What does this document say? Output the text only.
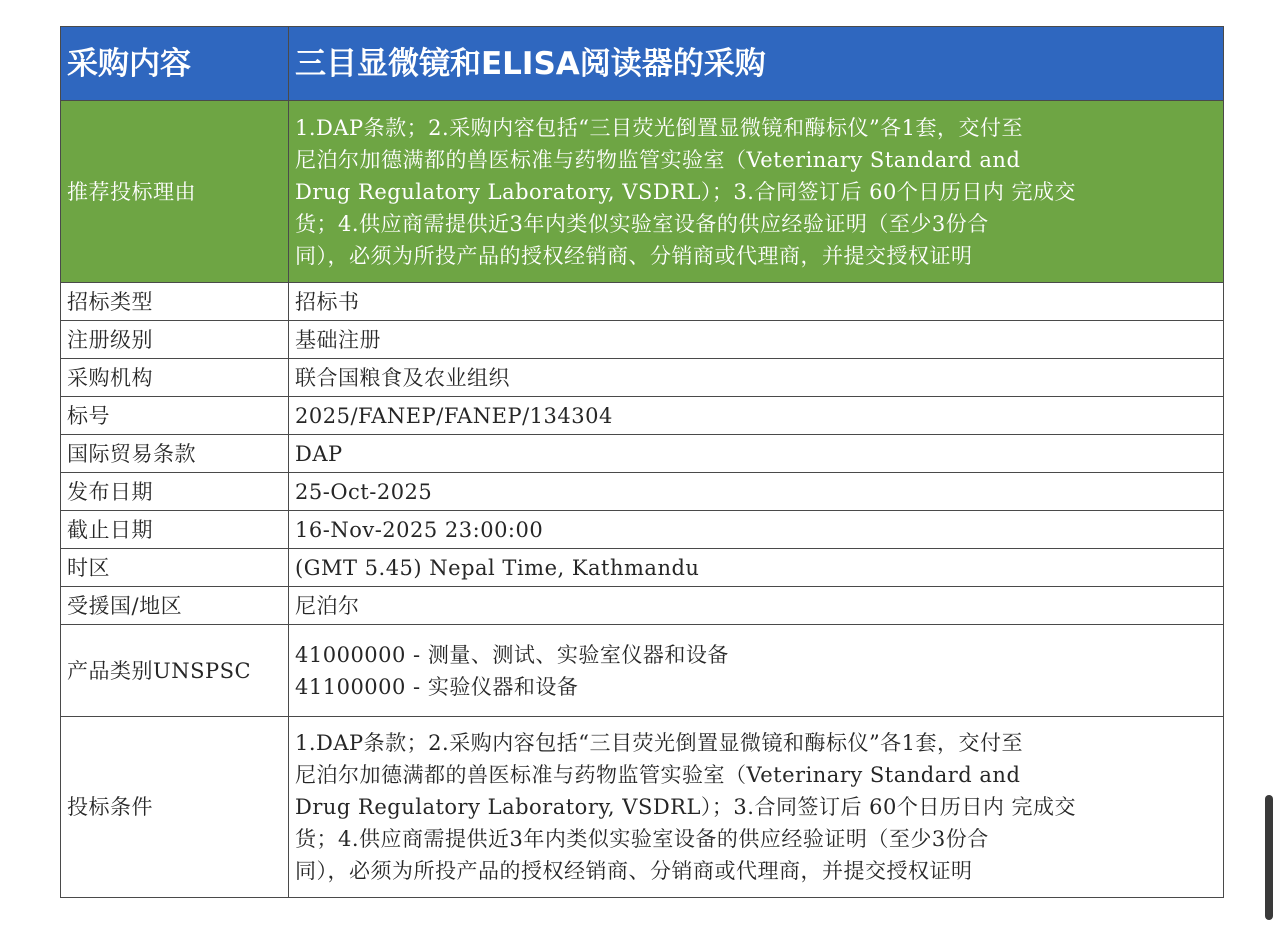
采购内容	三目显微镜和ELISA阅读器的采购
推荐投标理由	1.DAP条款；2.采购内容包括“三目荧光倒置显微镜和酶标仪”各1套，交付至
尼泊尔加德满都的兽医标准与药物监管实验室（Veterinary Standard and
Drug Regulatory Laboratory, VSDRL）；3.合同签订后 60个日历日内 完成交
货；4.供应商需提供近3年内类似实验室设备的供应经验证明（至少3份合
同），必须为所投产品的授权经销商、分销商或代理商，并提交授权证明

招标类型	招标书
注册级别	基础注册
采购机构	联合国粮食及农业组织
标号	2025/FANEP/FANEP/134304
国际贸易条款	DAP
发布日期	25-Oct-2025
截止日期	16-Nov-2025 23:00:00
时区	(GMT 5.45) Nepal Time, Kathmandu
受援国/地区	尼泊尔
产品类别UNSPSC	41000000 - 测量、测试、实验室仪器和设备
41100000 - 实验仪器和设备

投标条件	1.DAP条款；2.采购内容包括“三目荧光倒置显微镜和酶标仪”各1套，交付至
尼泊尔加德满都的兽医标准与药物监管实验室（Veterinary Standard and
Drug Regulatory Laboratory, VSDRL）；3.合同签订后 60个日历日内 完成交
货；4.供应商需提供近3年内类似实验室设备的供应经验证明（至少3份合
同），必须为所投产品的授权经销商、分销商或代理商，并提交授权证明
